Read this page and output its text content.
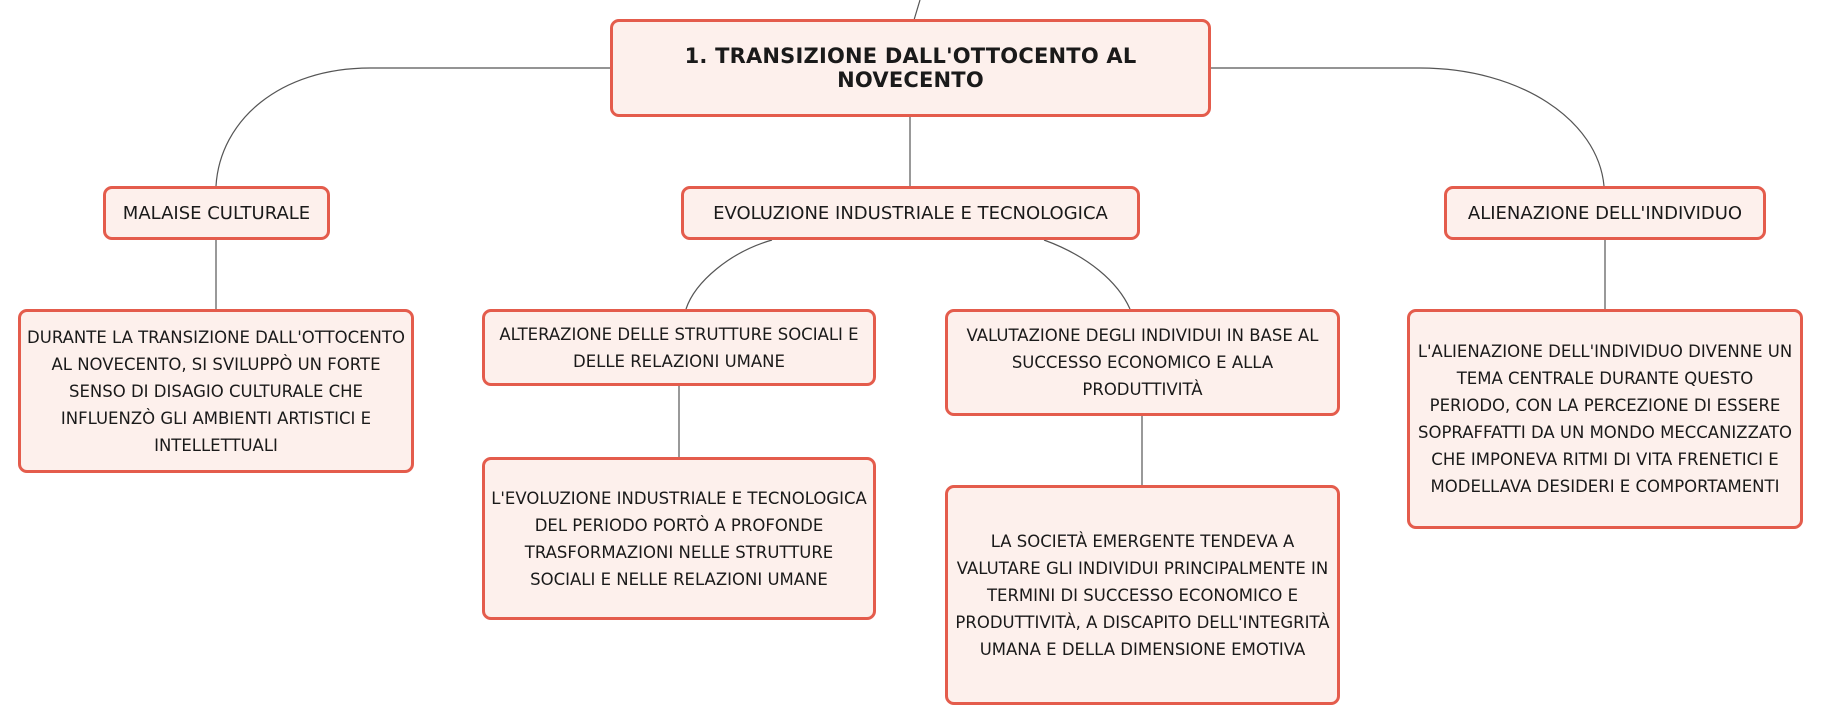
1. TRANSIZIONE DALL'OTTOCENTO AL NOVECENTO
MALAISE CULTURALE	EVOLUZIONE INDUSTRIALE E TECNOLOGICA	ALIENAZIONE DELL'INDIVIDUO
DURANTE LA TRANSIZIONE DALL'OTTOCENTO AL NOVECENTO, SI SVILUPPÒ UN FORTE SENSO DI DISAGIO CULTURALE CHE INFLUENZÒ GLI AMBIENTI ARTISTICI E INTELLETTUALI
ALTERAZIONE DELLE STRUTTURE SOCIALI E DELLE RELAZIONI UMANE
VALUTAZIONE DEGLI INDIVIDUI IN BASE AL SUCCESSO ECONOMICO E ALLA PRODUTTIVITÀ
L'ALIENAZIONE DELL'INDIVIDUO DIVENNE UN TEMA CENTRALE DURANTE QUESTO PERIODO, CON LA PERCEZIONE DI ESSERE SOPRAFFATTI DA UN MONDO MECCANIZZATO CHE IMPONEVA RITMI DI VITA FRENETICI E MODELLAVA DESIDERI E COMPORTAMENTI
L'EVOLUZIONE INDUSTRIALE E TECNOLOGICA DEL PERIODO PORTÒ A PROFONDE TRASFORMAZIONI NELLE STRUTTURE SOCIALI E NELLE RELAZIONI UMANE
LA SOCIETÀ EMERGENTE TENDEVA A VALUTARE GLI INDIVIDUI PRINCIPALMENTE IN TERMINI DI SUCCESSO ECONOMICO E PRODUTTIVITÀ, A DISCAPITO DELL'INTEGRITÀ UMANA E DELLA DIMENSIONE EMOTIVA
